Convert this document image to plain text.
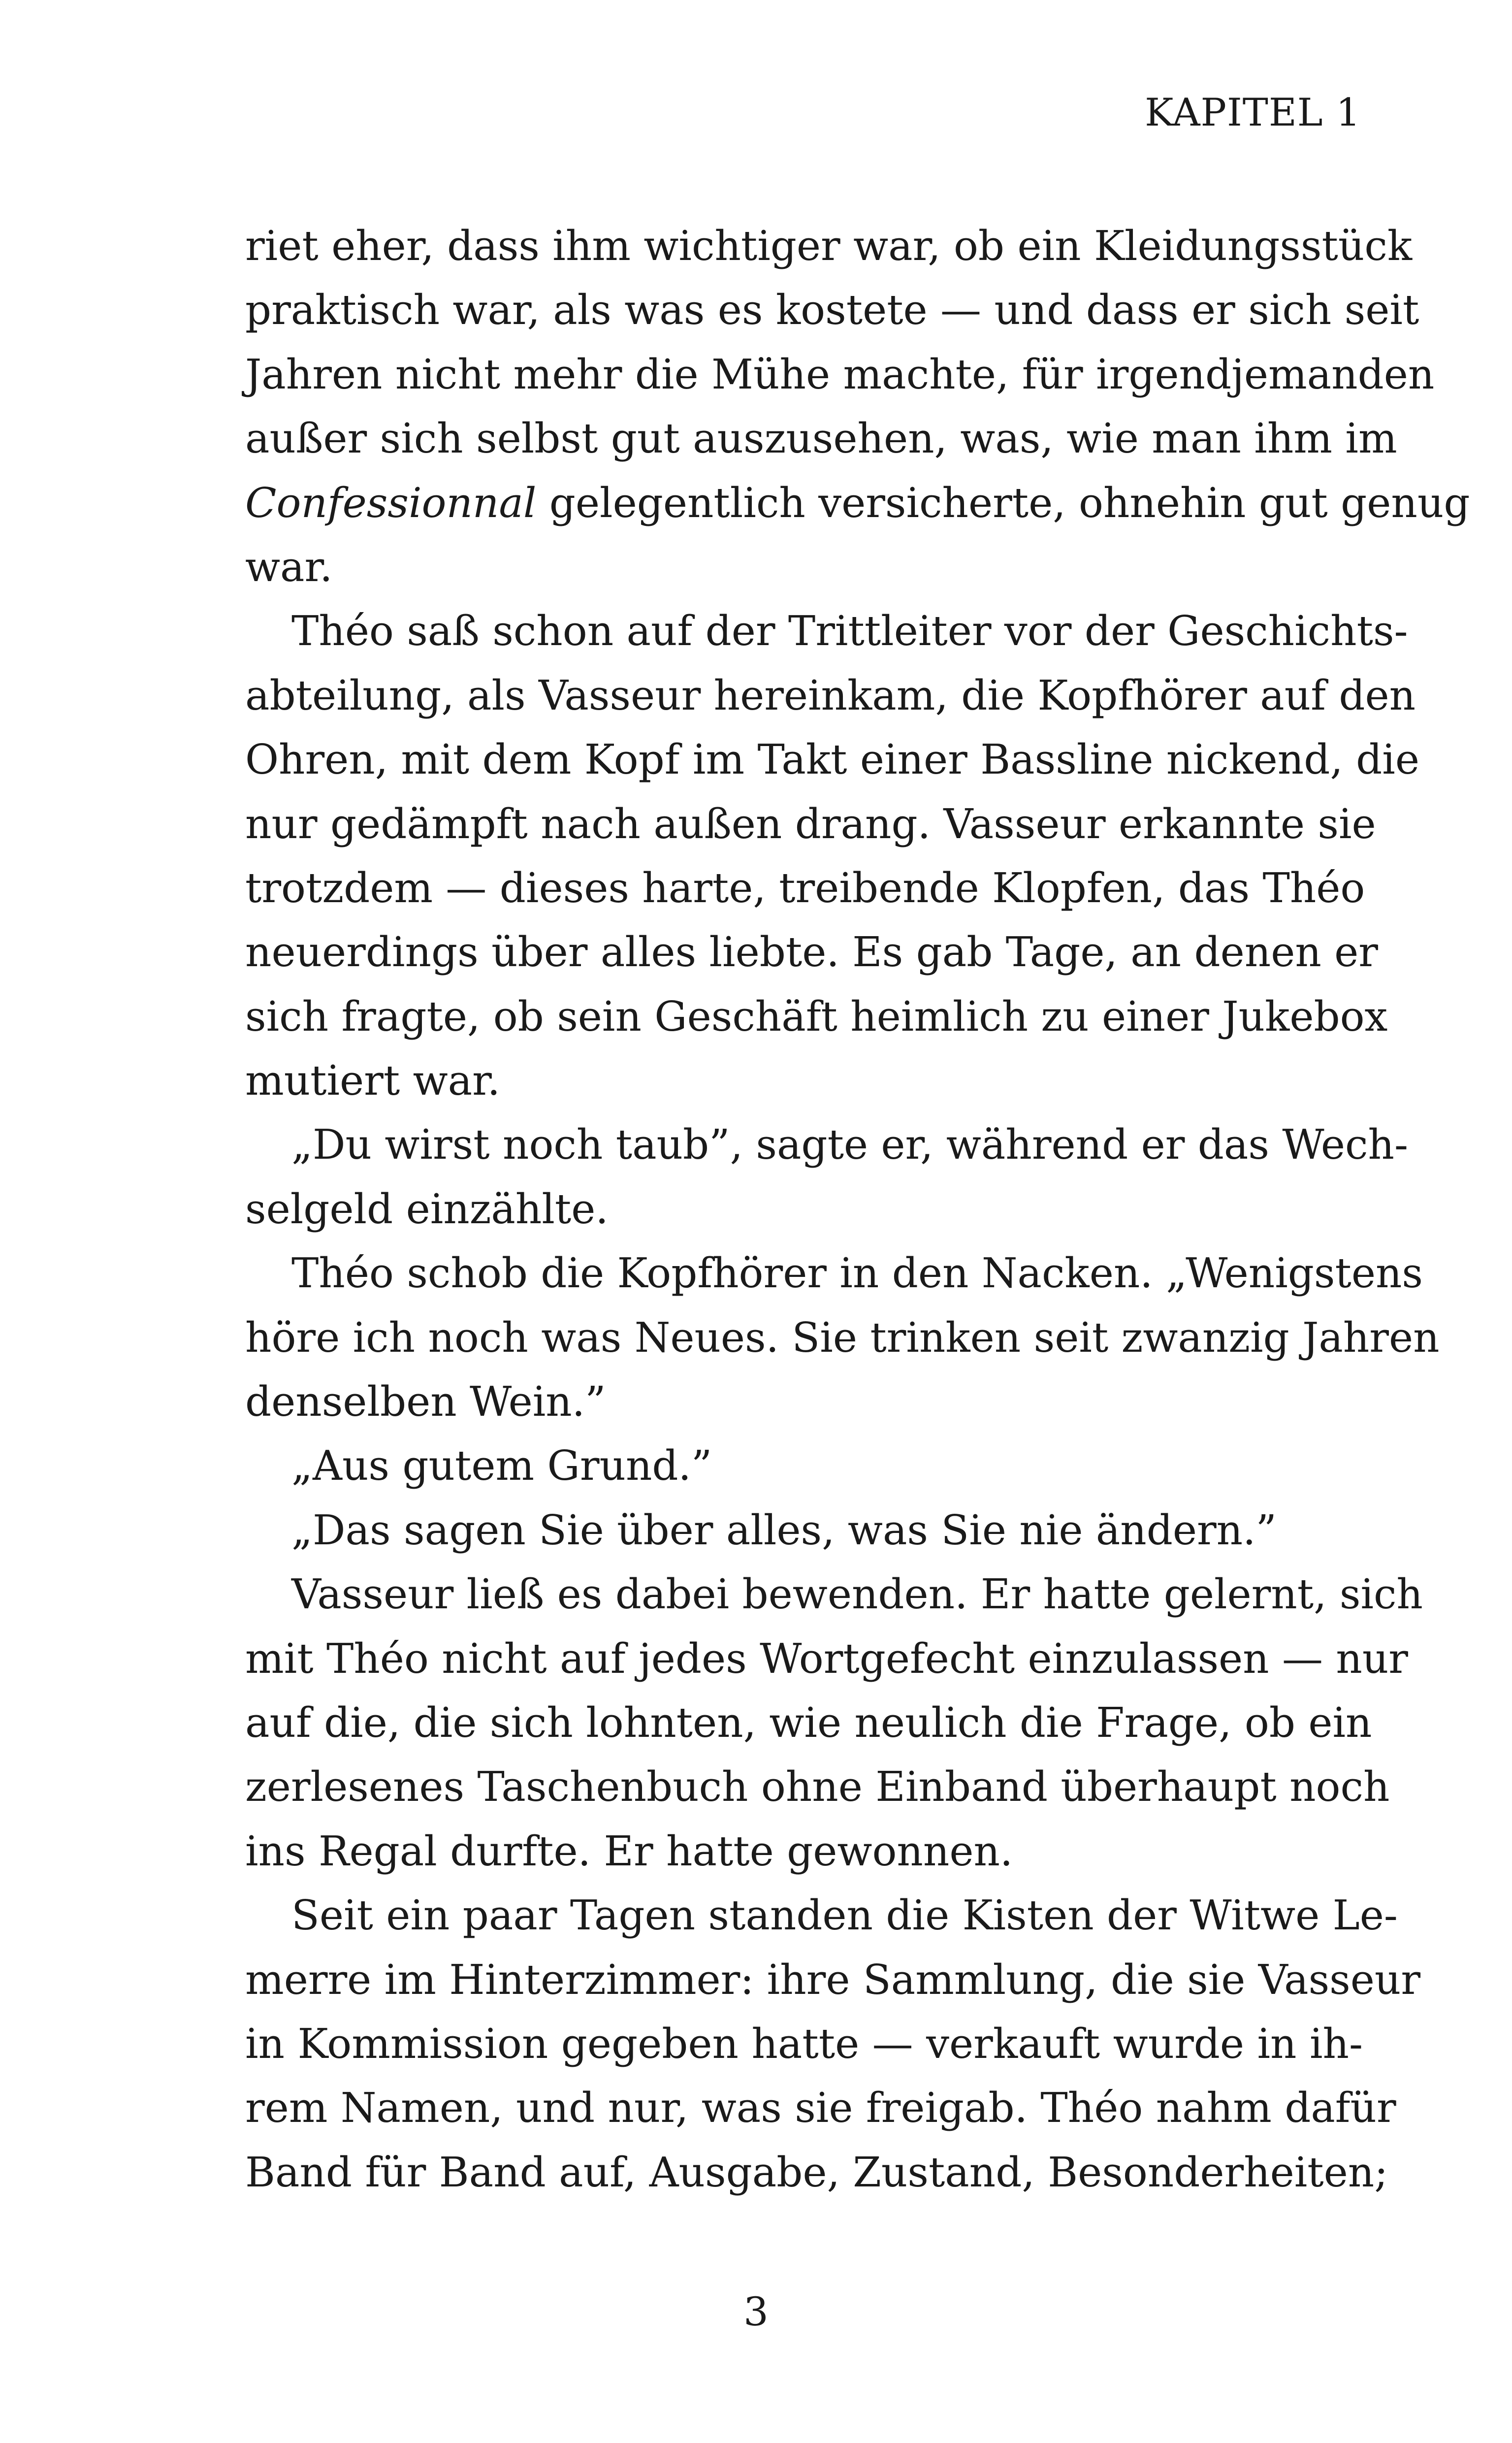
KAPITEL 1
riet eher, dass ihm wichtiger war, ob ein Kleidungsstück
praktisch war, als was es kostete — und dass er sich seit
Jahren nicht mehr die Mühe machte, für irgendjemanden
außer sich selbst gut auszusehen, was, wie man ihm im
Confessionnal gelegentlich versicherte, ohnehin gut genug
war.
Théo saß schon auf der Trittleiter vor der Geschichts-
abteilung, als Vasseur hereinkam, die Kopfhörer auf den
Ohren, mit dem Kopf im Takt einer Bassline nickend, die
nur gedämpft nach außen drang. Vasseur erkannte sie
trotzdem — dieses harte, treibende Klopfen, das Théo
neuerdings über alles liebte. Es gab Tage, an denen er
sich fragte, ob sein Geschäft heimlich zu einer Jukebox
mutiert war.
„Du wirst noch taub”, sagte er, während er das Wech-
selgeld einzählte.
Théo schob die Kopfhörer in den Nacken. „Wenigstens
höre ich noch was Neues. Sie trinken seit zwanzig Jahren
denselben Wein.”
„Aus gutem Grund.”
„Das sagen Sie über alles, was Sie nie ändern.”
Vasseur ließ es dabei bewenden. Er hatte gelernt, sich
mit Théo nicht auf jedes Wortgefecht einzulassen — nur
auf die, die sich lohnten, wie neulich die Frage, ob ein
zerlesenes Taschenbuch ohne Einband überhaupt noch
ins Regal durfte. Er hatte gewonnen.
Seit ein paar Tagen standen die Kisten der Witwe Le-
merre im Hinterzimmer: ihre Sammlung, die sie Vasseur
in Kommission gegeben hatte — verkauft wurde in ih-
rem Namen, und nur, was sie freigab. Théo nahm dafür
Band für Band auf, Ausgabe, Zustand, Besonderheiten;
3
